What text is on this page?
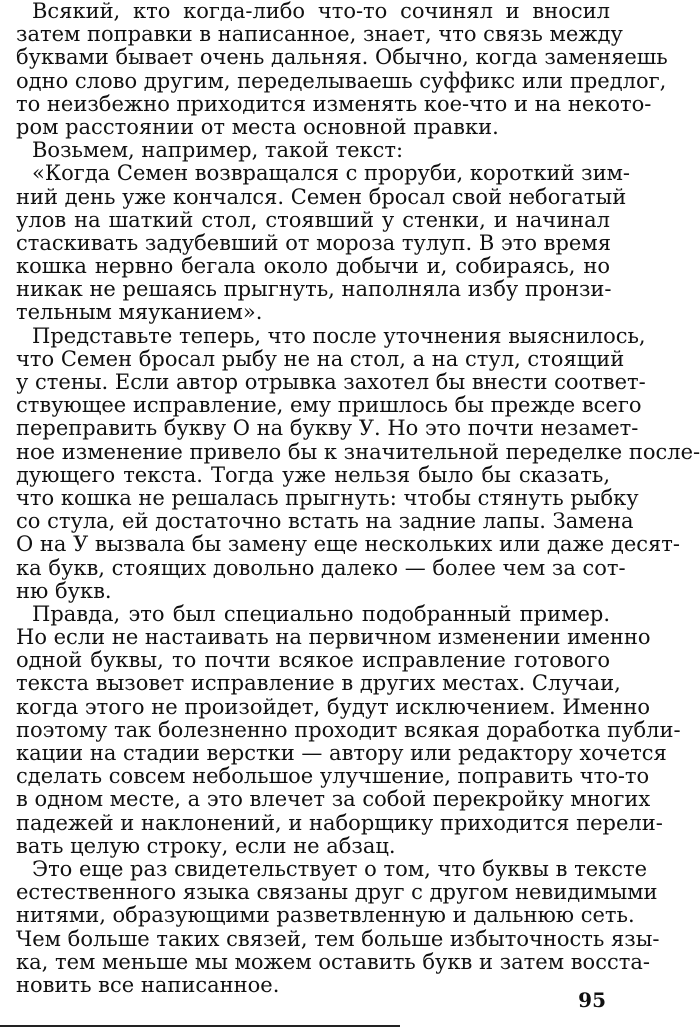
Всякий, кто когда-либо что-то сочинял и вносил
затем поправки в написанное, знает, что связь между
буквами бывает очень дальняя. Обычно, когда заменяешь
одно слово другим, переделываешь суффикс или предлог,
то неизбежно приходится изменять кое-что и на некото-
ром расстоянии от места основной правки.
Возьмем, например, такой текст:
«Когда Семен возвращался с проруби, короткий зим-
ний день уже кончался. Семен бросал свой небогатый
улов на шаткий стол, стоявший у стенки, и начинал
стаскивать задубевший от мороза тулуп. В это время
кошка нервно бегала около добычи и, собираясь, но
никак не решаясь прыгнуть, наполняла избу пронзи-
тельным мяуканием».
Представьте теперь, что после уточнения выяснилось,
что Семен бросал рыбу не на стол, а на стул, стоящий
у стены. Если автор отрывка захотел бы внести соответ-
ствующее исправление, ему пришлось бы прежде всего
переправить букву О на букву У. Но это почти незамет-
ное изменение привело бы к значительной переделке после-
дующего текста. Тогда уже нельзя было бы сказать,
что кошка не решалась прыгнуть: чтобы стянуть рыбку
со стула, ей достаточно встать на задние лапы. Замена
О на У вызвала бы замену еще нескольких или даже десят-
ка букв, стоящих довольно далеко — более чем за сот-
ню букв.
Правда, это был специально подобранный пример.
Но если не настаивать на первичном изменении именно
одной буквы, то почти всякое исправление готового
текста вызовет исправление в других местах. Случаи,
когда этого не произойдет, будут исключением. Именно
поэтому так болезненно проходит всякая доработка публи-
кации на стадии верстки — автору или редактору хочется
сделать совсем небольшое улучшение, поправить что-то
в одном месте, а это влечет за собой перекройку многих
падежей и наклонений, и наборщику приходится перели-
вать целую строку, если не абзац.
Это еще раз свидетельствует о том, что буквы в тексте
естественного языка связаны друг с другом невидимыми
нитями, образующими разветвленную и дальнюю сеть.
Чем больше таких связей, тем больше избыточность язы-
ка, тем меньше мы можем оставить букв и затем восста-
новить все написанное.
95
